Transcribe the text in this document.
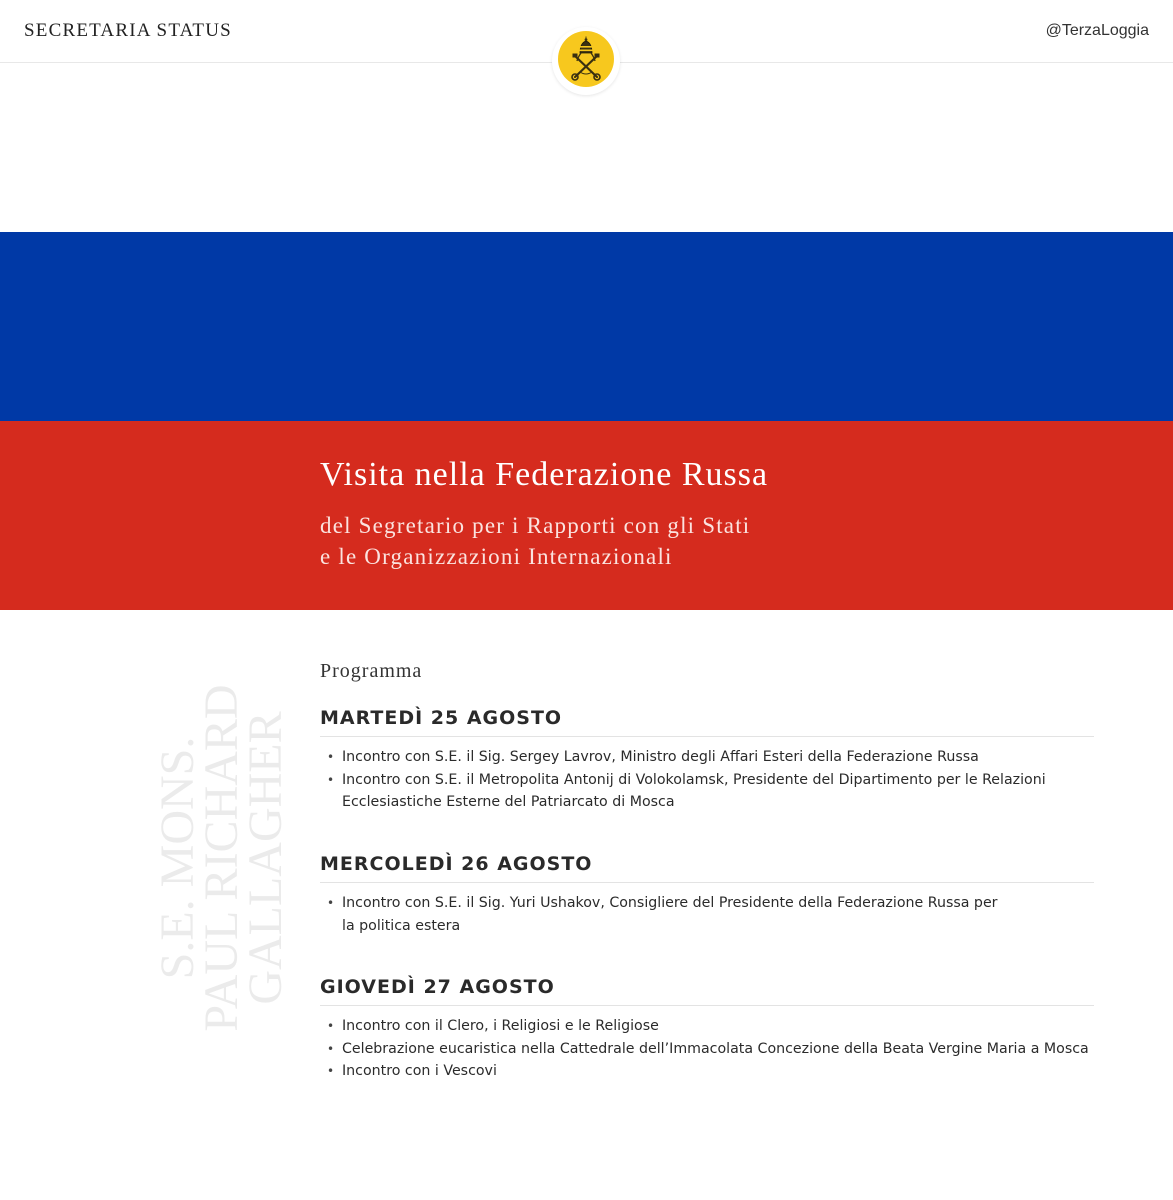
SECRETARIA STATUS	@TerzaLoggia
Visita nella Federazione Russa
del Segretario per i Rapporti con gli Stati
e le Organizzazioni Internazionali
S.E. MONS.
PAUL RICHARD
GALLAGHER
Programma
MARTEDÌ 25 AGOSTO
• Incontro con S.E. il Sig. Sergey Lavrov, Ministro degli Affari Esteri della Federazione Russa
• Incontro con S.E. il Metropolita Antonij di Volokolamsk, Presidente del Dipartimento per le Relazioni Ecclesiastiche Esterne del Patriarcato di Mosca
MERCOLEDÌ 26 AGOSTO
• Incontro con S.E. il Sig. Yuri Ushakov, Consigliere del Presidente della Federazione Russa per la politica estera
GIOVEDÌ 27 AGOSTO
• Incontro con il Clero, i Religiosi e le Religiose
• Celebrazione eucaristica nella Cattedrale dell’Immacolata Concezione della Beata Vergine Maria a Mosca
• Incontro con i Vescovi
